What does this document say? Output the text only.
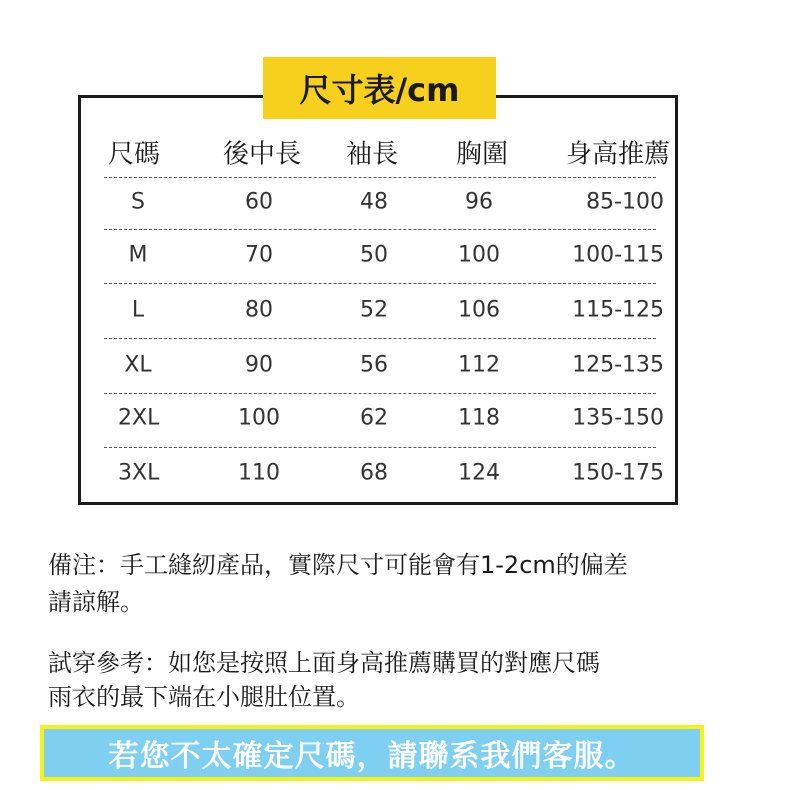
尺寸表/cm
尺碼	後中長	袖長	胸圍	身高推薦
S	60	48	96	85-100
M	70	50	100	100-115
L	80	52	106	115-125
XL	90	56	112	125-135
2XL	100	62	118	135-150
3XL	110	68	124	150-175
備注：手工縫紉產品，實際尺寸可能會有1-2cm的偏差
請諒解。
試穿參考：如您是按照上面身高推薦購買的對應尺碼
雨衣的最下端在小腿肚位置。
若您不太確定尺碼，請聯系我們客服。
